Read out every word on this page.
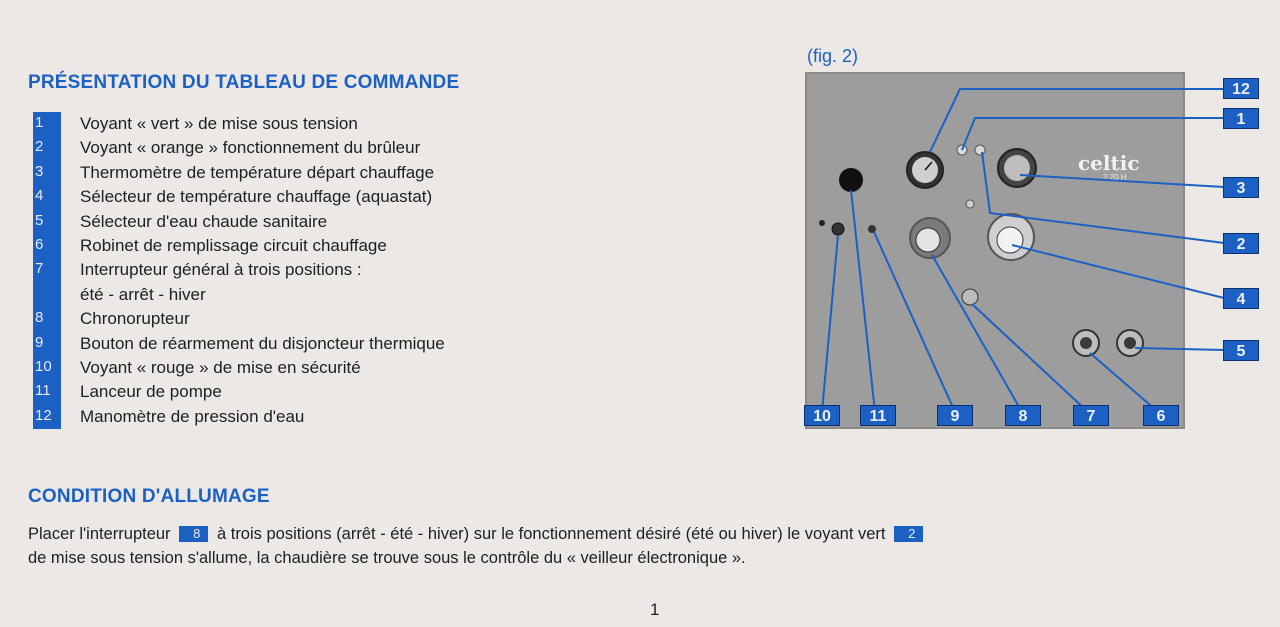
PRÉSENTATION DU TABLEAU DE COMMANDE
1	Voyant « vert » de mise sous tension
2	Voyant « orange » fonctionnement du brûleur
3	Thermomètre de température départ chauffage
4	Sélecteur de température chauffage (aquastat)
5	Sélecteur d'eau chaude sanitaire
6	Robinet de remplissage circuit chauffage
7	Interrupteur général à trois positions :
été - arrêt - hiver
8	Chronorupteur
9	Bouton de réarmement du disjoncteur thermique
10	Voyant « rouge » de mise en sécurité
11	Lanceur de pompe
12	Manomètre de pression d'eau
(fig. 2)
celtic
2.20 H
12
1
3
2
4
5
10	11	9	8	7	6
CONDITION D'ALLUMAGE
Placer l'interrupteur 8 à trois positions (arrêt - été - hiver) sur le fonctionnement désiré (été ou hiver) le voyant vert 2
de mise sous tension s'allume, la chaudière se trouve sous le contrôle du « veilleur électronique ».
1
